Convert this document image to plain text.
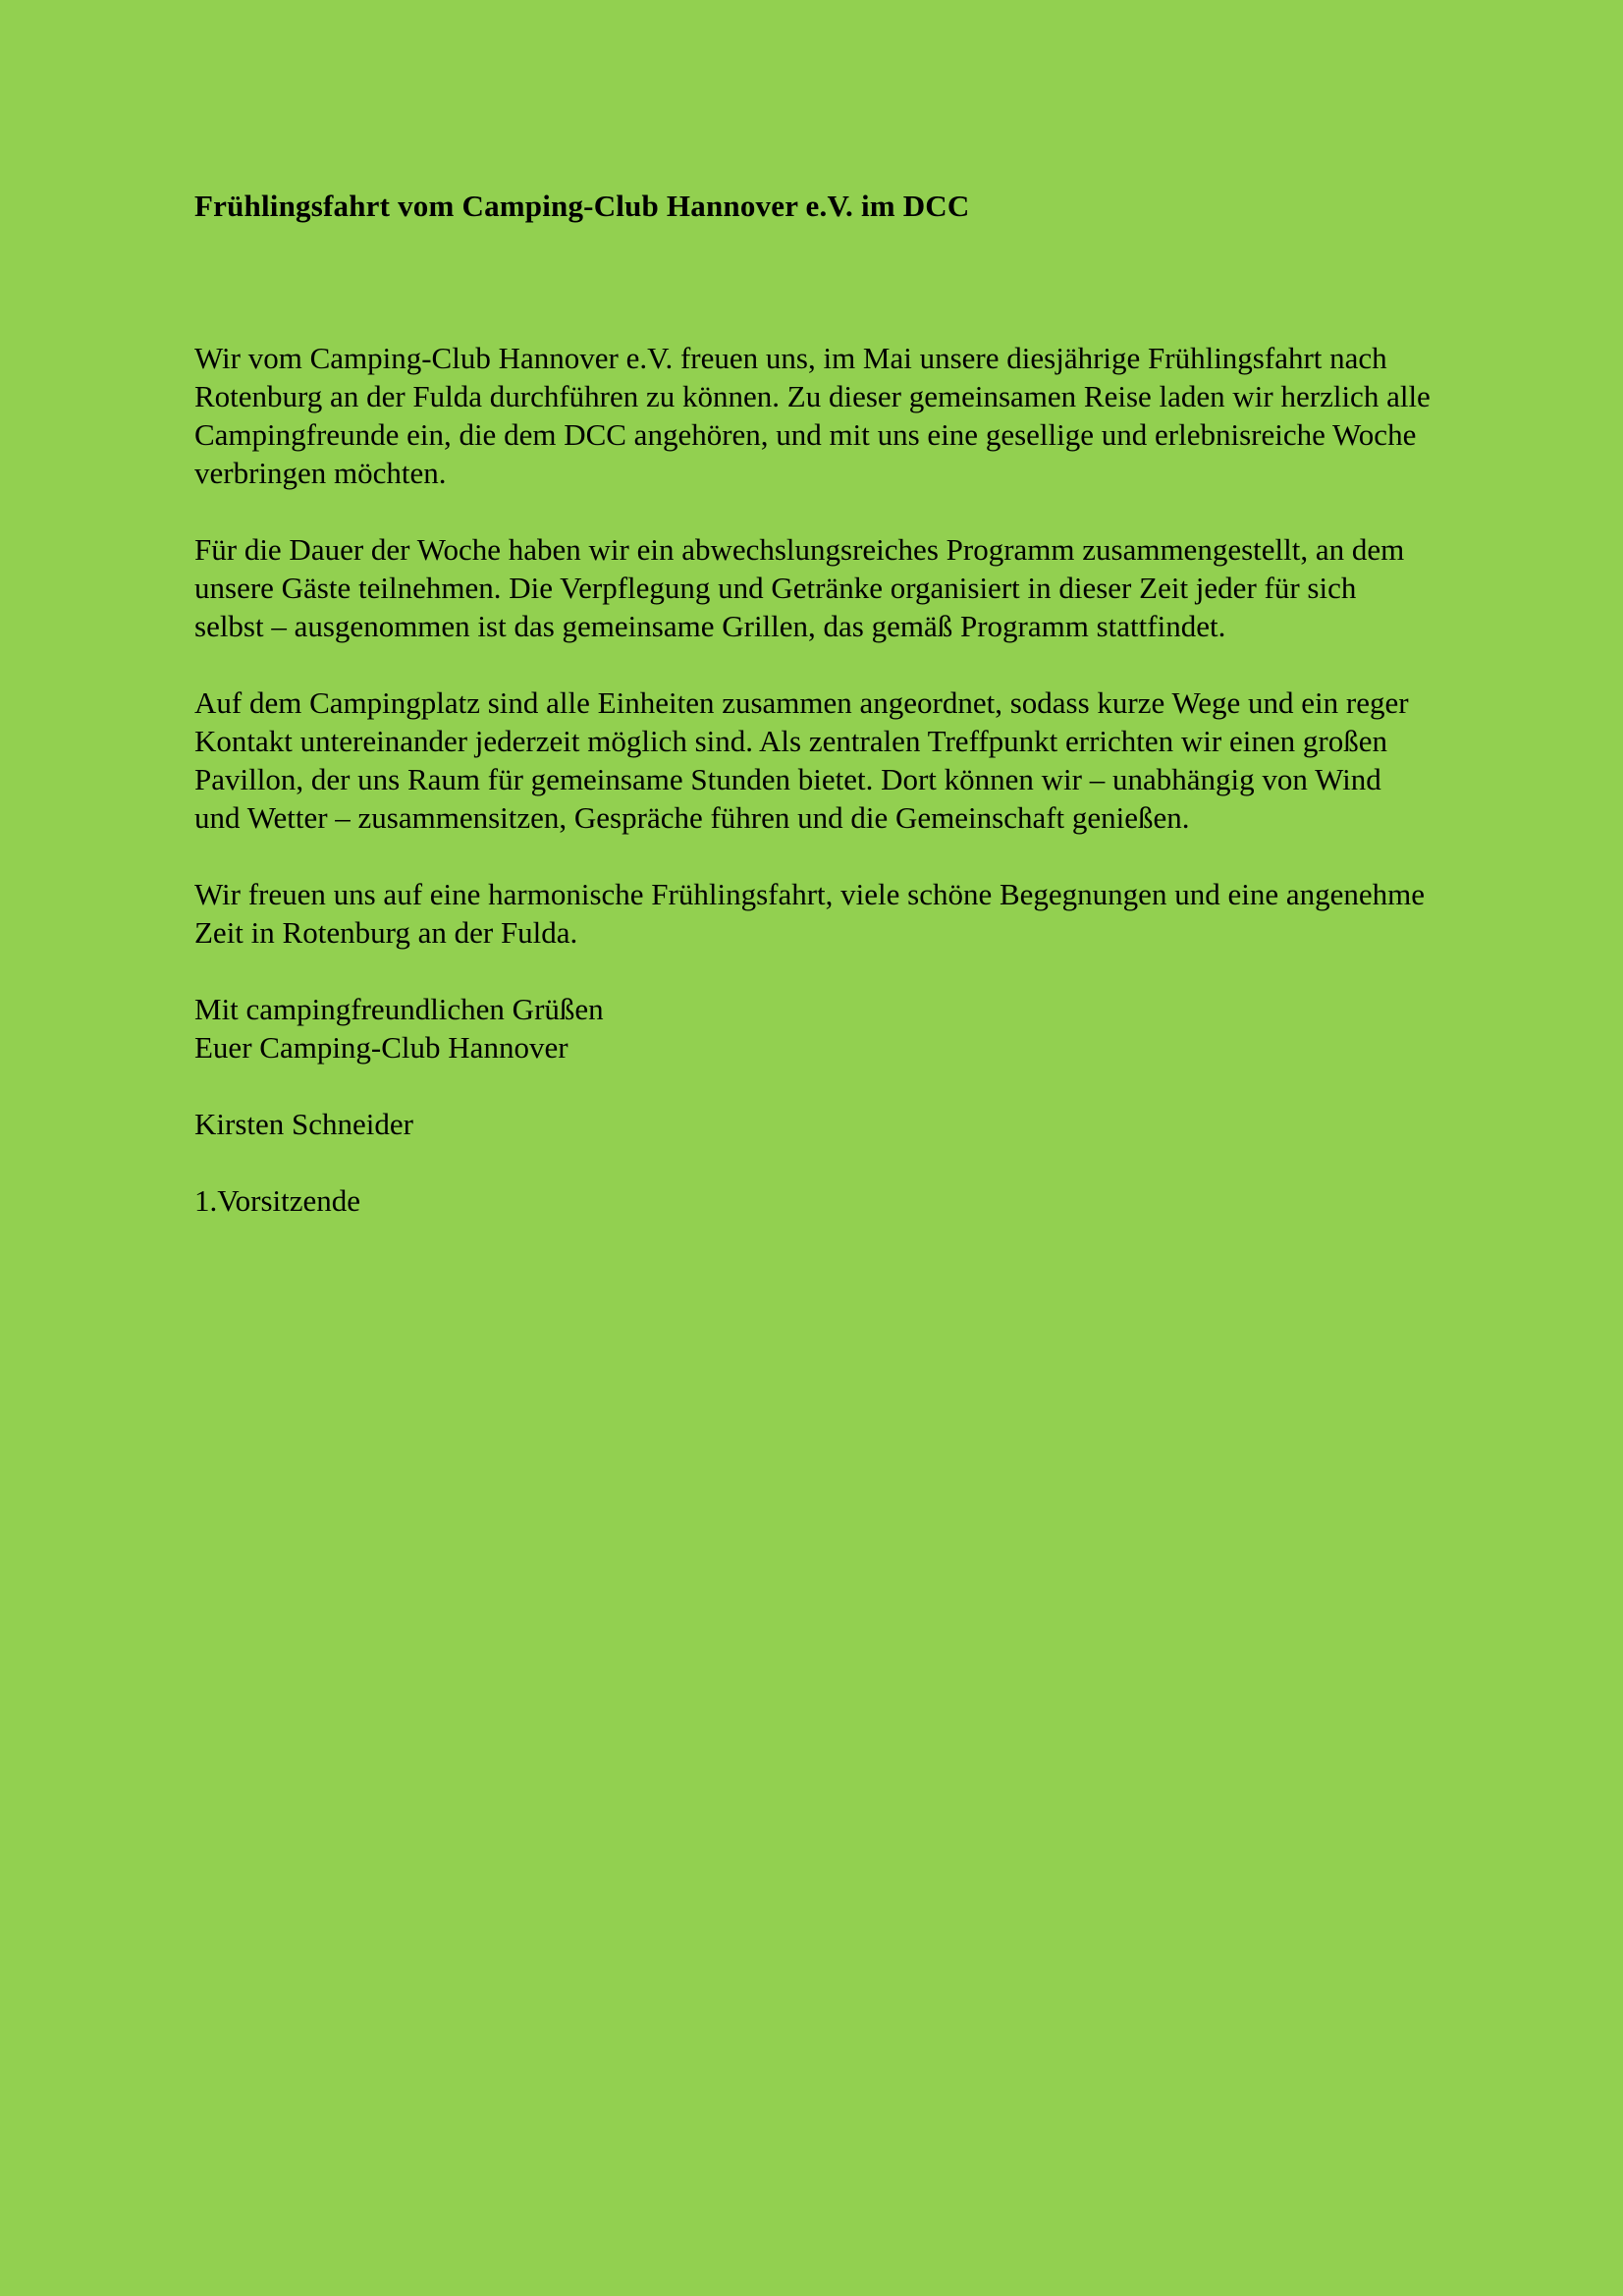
Frühlingsfahrt vom Camping-Club Hannover e.V. im DCC

Wir vom Camping-Club Hannover e.V. freuen uns, im Mai unsere diesjährige Frühlingsfahrt nach Rotenburg an der Fulda durchführen zu können. Zu dieser gemeinsamen Reise laden wir herzlich alle Campingfreunde ein, die dem DCC angehören, und mit uns eine gesellige und erlebnisreiche Woche verbringen möchten.

Für die Dauer der Woche haben wir ein abwechslungsreiches Programm zusammengestellt, an dem unsere Gäste teilnehmen. Die Verpflegung und Getränke organisiert in dieser Zeit jeder für sich selbst – ausgenommen ist das gemeinsame Grillen, das gemäß Programm stattfindet.

Auf dem Campingplatz sind alle Einheiten zusammen angeordnet, sodass kurze Wege und ein reger Kontakt untereinander jederzeit möglich sind. Als zentralen Treffpunkt errichten wir einen großen Pavillon, der uns Raum für gemeinsame Stunden bietet. Dort können wir – unabhängig von Wind und Wetter – zusammensitzen, Gespräche führen und die Gemeinschaft genießen.

Wir freuen uns auf eine harmonische Frühlingsfahrt, viele schöne Begegnungen und eine angenehme Zeit in Rotenburg an der Fulda.

Mit campingfreundlichen Grüßen

Euer Camping-Club Hannover

Kirsten Schneider

1.Vorsitzende
